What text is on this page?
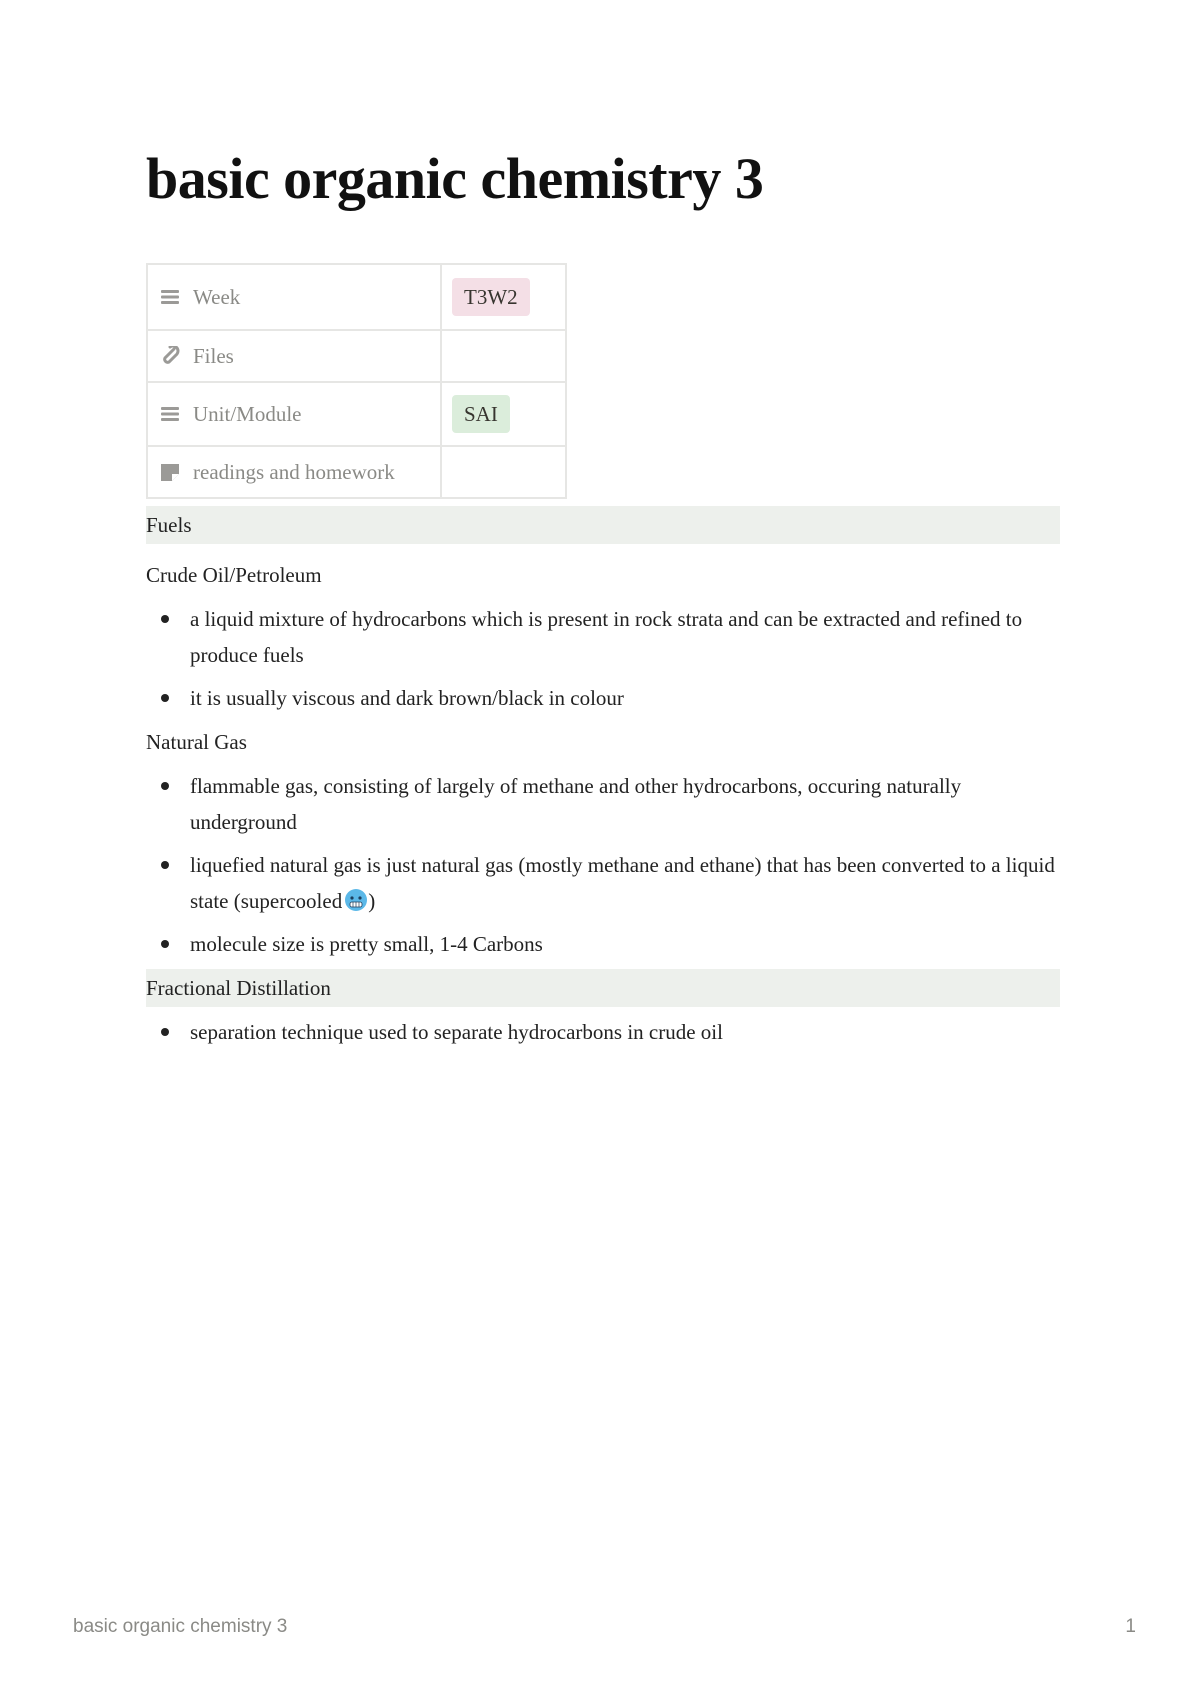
basic organic chemistry 3
Week	T3W2

Files	

Unit/Module	SAI

readings and homework	

Fuels

Crude Oil/Petroleum

a liquid mixture of hydrocarbons which is present in rock strata and can be extracted and refined to produce fuels
it is usually viscous and dark brown/black in colour

Natural Gas

flammable gas, consisting of largely of methane and other hydrocarbons, occuring naturally underground
liquefied natural gas is just natural gas (mostly methane and ethane) that has been converted to a liquid state (supercooled )
molecule size is pretty small, 1-4 Carbons

Fractional Distillation

separation technique used to separate hydrocarbons in crude oil
basic organic chemistry 3	1
